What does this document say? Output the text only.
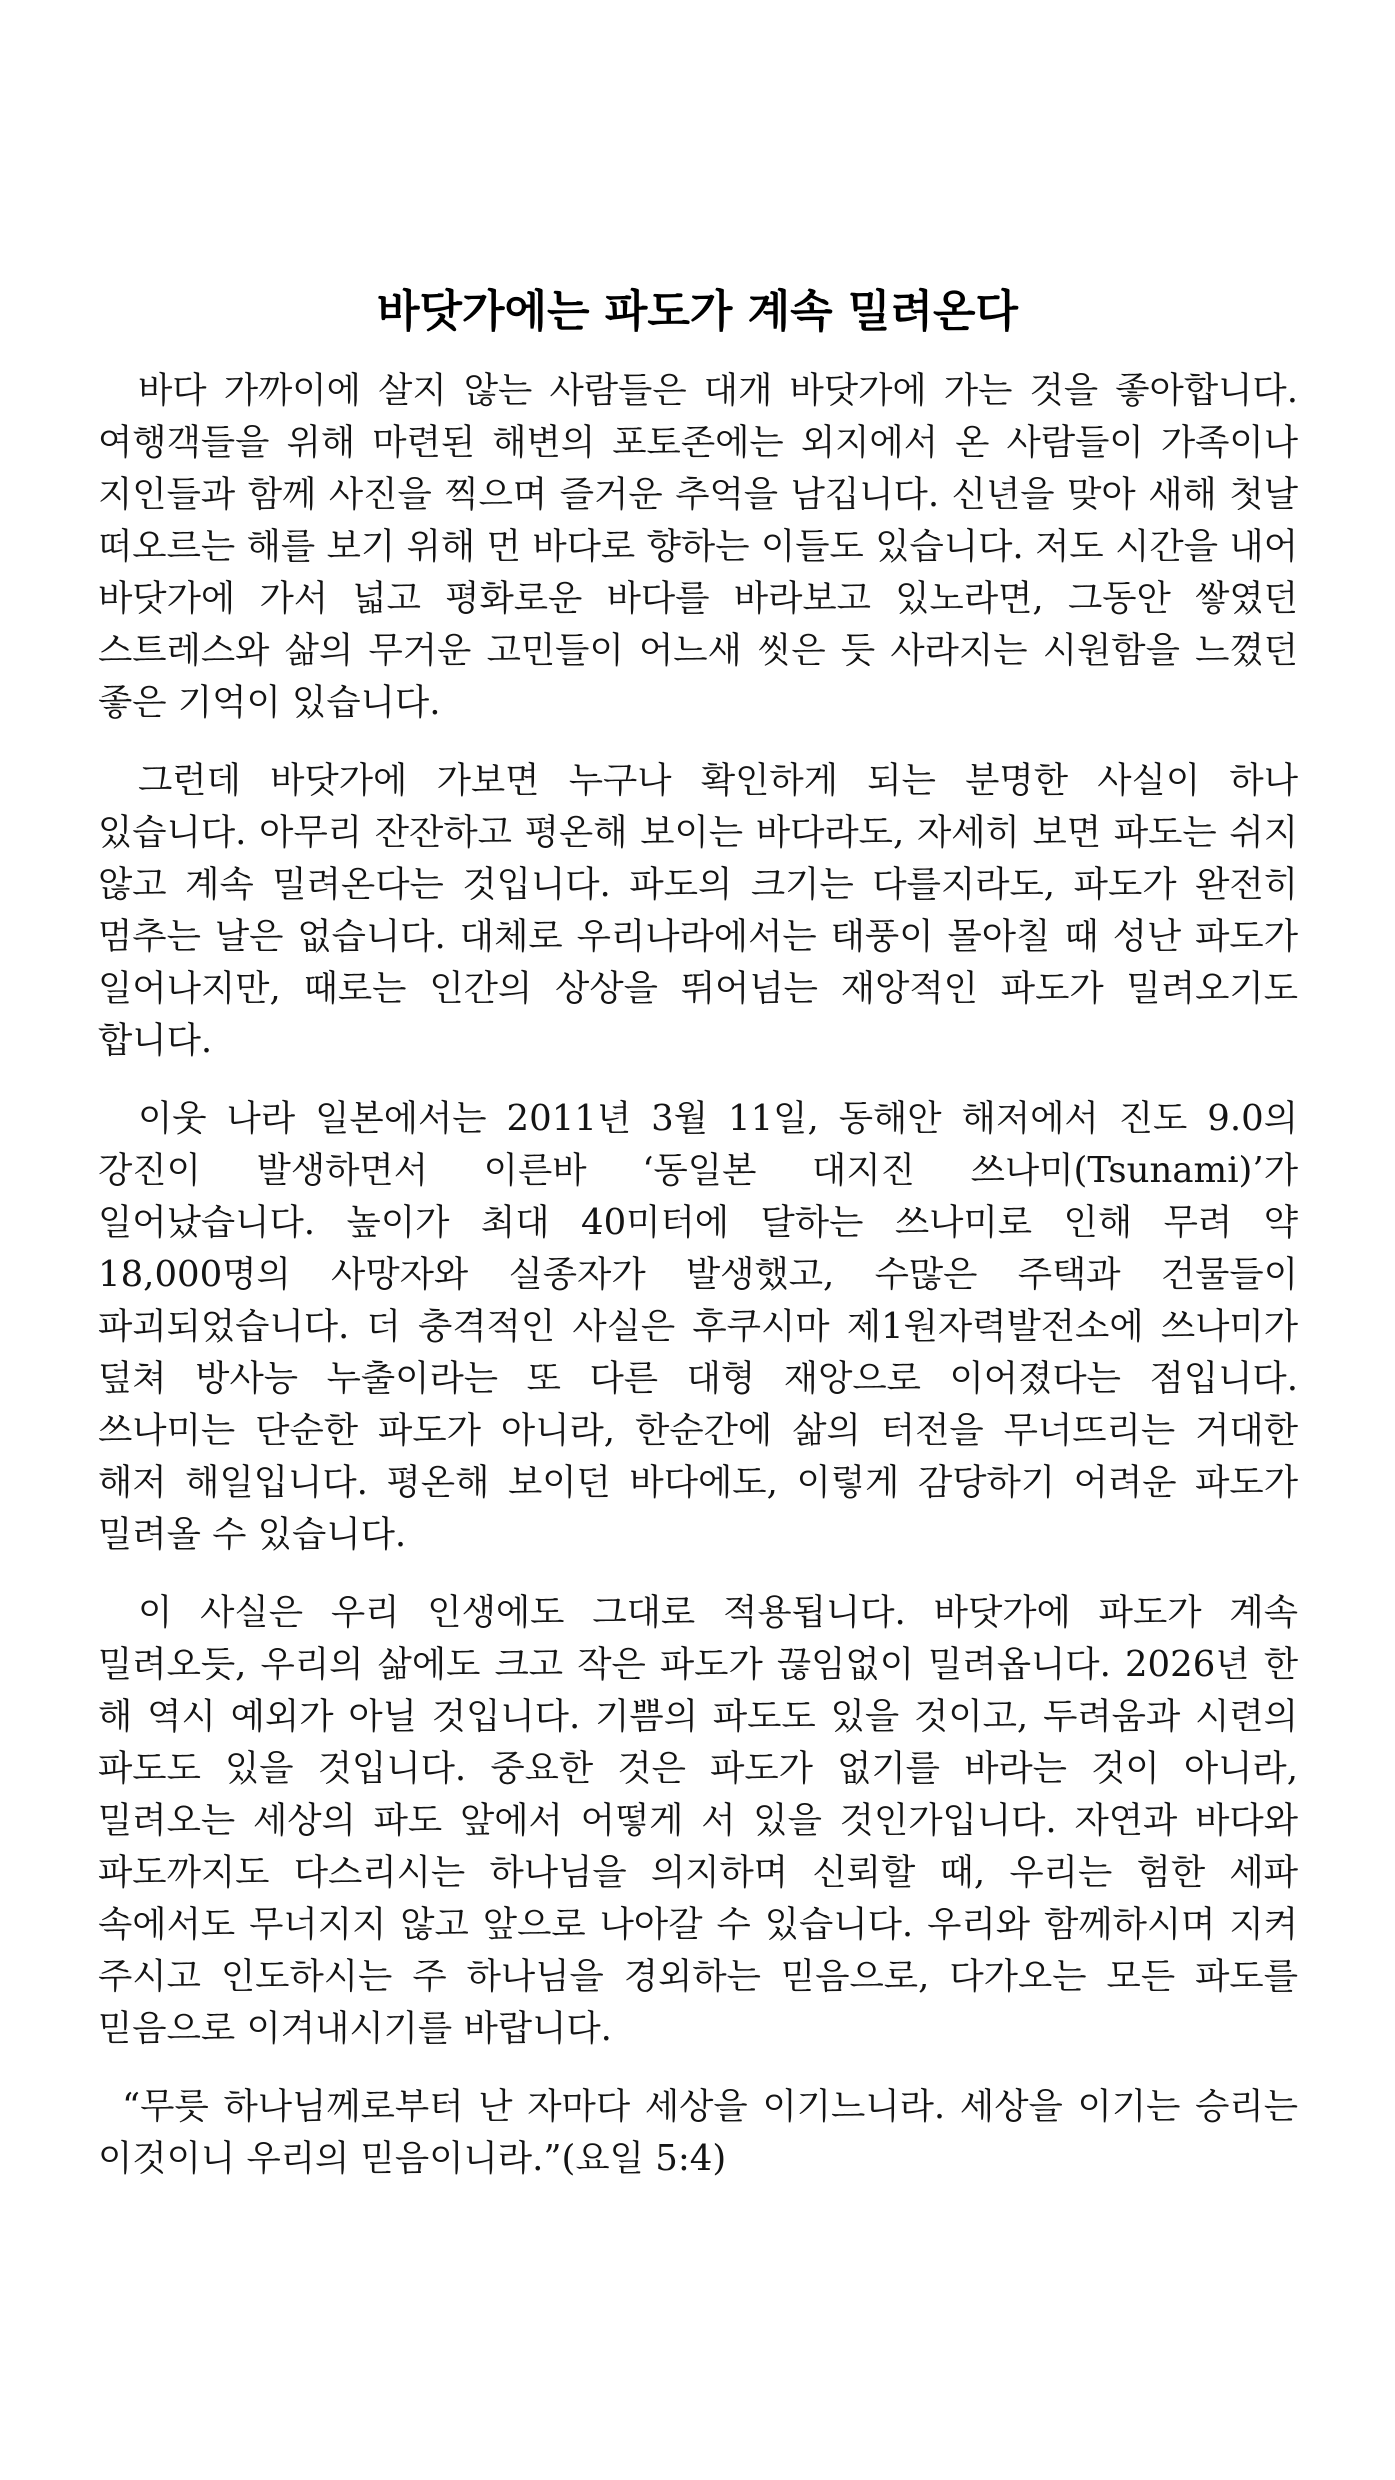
바닷가에는 파도가 계속 밀려온다

바다 가까이에 살지 않는 사람들은 대개 바닷가에 가는 것을 좋아합니다. 여행객들을 위해 마련된 해변의 포토존에는 외지에서 온 사람들이 가족이나 지인들과 함께 사진을 찍으며 즐거운 추억을 남깁니다. 신년을 맞아 새해 첫날 떠오르는 해를 보기 위해 먼 바다로 향하는 이들도 있습니다. 저도 시간을 내어 바닷가에 가서 넓고 평화로운 바다를 바라보고 있노라면, 그동안 쌓였던 스트레스와 삶의 무거운 고민들이 어느새 씻은 듯 사라지는 시원함을 느꼈던 좋은 기억이 있습니다.

그런데 바닷가에 가보면 누구나 확인하게 되는 분명한 사실이 하나 있습니다. 아무리 잔잔하고 평온해 보이는 바다라도, 자세히 보면 파도는 쉬지 않고 계속 밀려온다는 것입니다. 파도의 크기는 다를지라도, 파도가 완전히 멈추는 날은 없습니다. 대체로 우리나라에서는 태풍이 몰아칠 때 성난 파도가 일어나지만, 때로는 인간의 상상을 뛰어넘는 재앙적인 파도가 밀려오기도 합니다.

이웃 나라 일본에서는 2011년 3월 11일, 동해안 해저에서 진도 9.0의 강진이 발생하면서 이른바 ‘동일본 대지진 쓰나미(Tsunami)’가 일어났습니다. 높이가 최대 40미터에 달하는 쓰나미로 인해 무려 약 18,000명의 사망자와 실종자가 발생했고, 수많은 주택과 건물들이 파괴되었습니다. 더 충격적인 사실은 후쿠시마 제1원자력발전소에 쓰나미가 덮쳐 방사능 누출이라는 또 다른 대형 재앙으로 이어졌다는 점입니다. 쓰나미는 단순한 파도가 아니라, 한순간에 삶의 터전을 무너뜨리는 거대한 해저 해일입니다. 평온해 보이던 바다에도, 이렇게 감당하기 어려운 파도가 밀려올 수 있습니다.

이 사실은 우리 인생에도 그대로 적용됩니다. 바닷가에 파도가 계속 밀려오듯, 우리의 삶에도 크고 작은 파도가 끊임없이 밀려옵니다. 2026년 한 해 역시 예외가 아닐 것입니다. 기쁨의 파도도 있을 것이고, 두려움과 시련의 파도도 있을 것입니다. 중요한 것은 파도가 없기를 바라는 것이 아니라, 밀려오는 세상의 파도 앞에서 어떻게 서 있을 것인가입니다. 자연과 바다와 파도까지도 다스리시는 하나님을 의지하며 신뢰할 때, 우리는 험한 세파 속에서도 무너지지 않고 앞으로 나아갈 수 있습니다. 우리와 함께하시며 지켜 주시고 인도하시는 주 하나님을 경외하는 믿음으로, 다가오는 모든 파도를 믿음으로 이겨내시기를 바랍니다.

“무릇 하나님께로부터 난 자마다 세상을 이기느니라. 세상을 이기는 승리는 이것이니 우리의 믿음이니라.”(요일 5:4)
